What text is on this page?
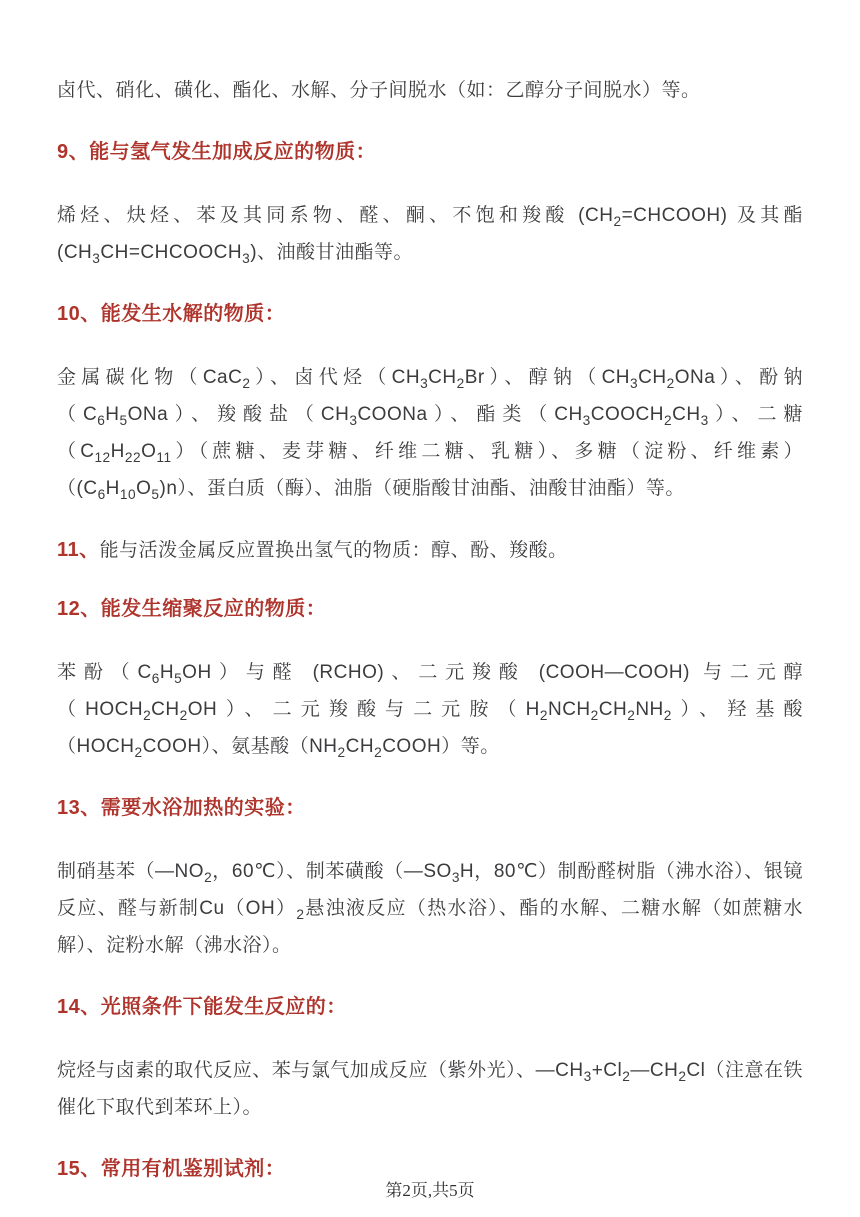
卤代、硝化、磺化、酯化、水解、分子间脱水（如：乙醇分子间脱水）等。

9、能与氢气发生加成反应的物质：

烯烃、炔烃、苯及其同系物、醛、酮、不饱和羧酸 $(CH_2=CHCOOH)$ 及其酯 $(CH_3CH=CHCOOCH_3)$、油酸甘油酯等。

10、能发生水解的物质：

金属碳化物（CaC$_2$）、卤代烃$(CH_3CH_2Br)$、醇钠$(CH_3CH_2ONa)$、酚钠$(C_6H_5ONa)$、羧酸盐$(CH_3COONa)$、酯类$(CH_3COOCH_2CH_3)$、二糖$(C_{12}H_{22}O_{11})$（蔗糖、麦芽糖、纤维二糖、乳糖）、多糖（淀粉、纤维素）$((C_6H_{10}O_5)n)$、蛋白质（酶）、油脂（硬脂酸甘油酯、油酸甘油酯）等。

11、能与活泼金属反应置换出氢气的物质：醇、酚、羧酸。
12、能发生缩聚反应的物质：

苯酚$(C_6H_5OH)$与醛 (RCHO)、二元羧酸 (COOH—COOH) 与二元醇$(HOCH_2CH_2OH)$、二元羧酸与二元胺$(H_2NCH_2CH_2NH_2)$、羟基酸$(HOCH_2COOH)$、氨基酸$(NH_2CH_2COOH)$等。

13、需要水浴加热的实验：

制硝基苯（$—NO_2$，60℃）、制苯磺酸（$—SO_3H$，80℃）制酚醛树脂（沸水浴）、银镜反应、醛与新制$Cu(OH)_2$悬浊液反应（热水浴）、酯的水解、二糖水解（如蔗糖水解）、淀粉水解（沸水浴）。

14、光照条件下能发生反应的：

烷烃与卤素的取代反应、苯与氯气加成反应（紫外光）、$—CH_3+Cl_2—CH_2Cl$（注意在铁催化下取代到苯环上）。

15、常用有机鉴别试剂：
第2页,共5页
